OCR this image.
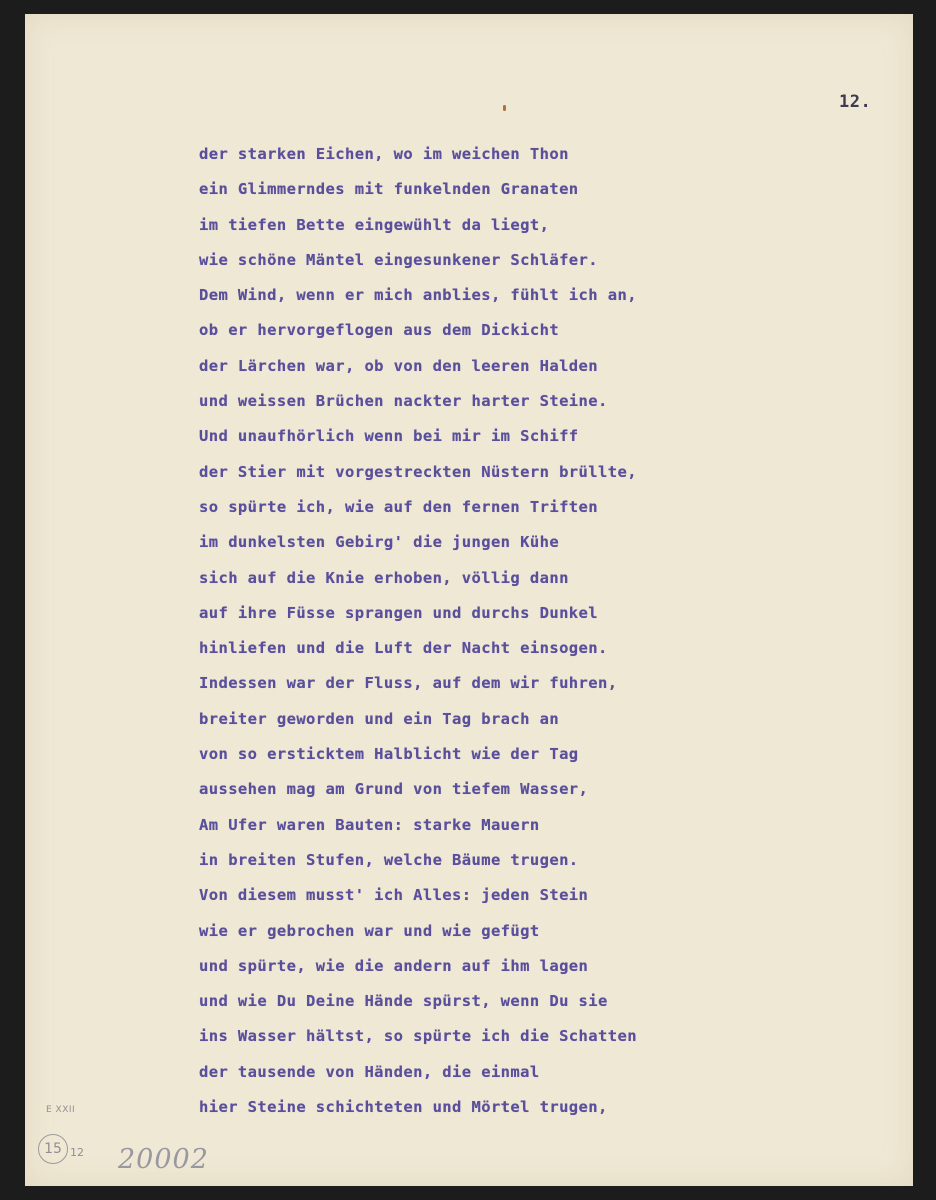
12.
der starken Eichen, wo im weichen Thon
ein Glimmerndes mit funkelnden Granaten
im tiefen Bette eingewühlt da liegt,
wie schöne Mäntel eingesunkener Schläfer.
Dem Wind, wenn er mich anblies, fühlt ich an,
ob er hervorgeflogen aus dem Dickicht
der Lärchen war, ob von den leeren Halden
und weissen Brüchen nackter harter Steine.
Und unaufhörlich wenn bei mir im Schiff
der Stier mit vorgestreckten Nüstern brüllte,
so spürte ich, wie auf den fernen Triften
im dunkelsten Gebirg' die jungen Kühe
sich auf die Knie erhoben, völlig dann
auf ihre Füsse sprangen und durchs Dunkel
hinliefen und die Luft der Nacht einsogen.
Indessen war der Fluss, auf dem wir fuhren,
breiter geworden und ein Tag brach an
von so ersticktem Halblicht wie der Tag
aussehen mag am Grund von tiefem Wasser,
Am Ufer waren Bauten: starke Mauern
in breiten Stufen, welche Bäume trugen.
Von diesem musst' ich Alles: jeden Stein
wie er gebrochen war und wie gefügt
und spürte, wie die andern auf ihm lagen
und wie Du Deine Hände spürst, wenn Du sie
ins Wasser hältst, so spürte ich die Schatten
der tausende von Händen, die einmal
hier Steine schichteten und Mörtel trugen,
E XXII
15 12 20002
